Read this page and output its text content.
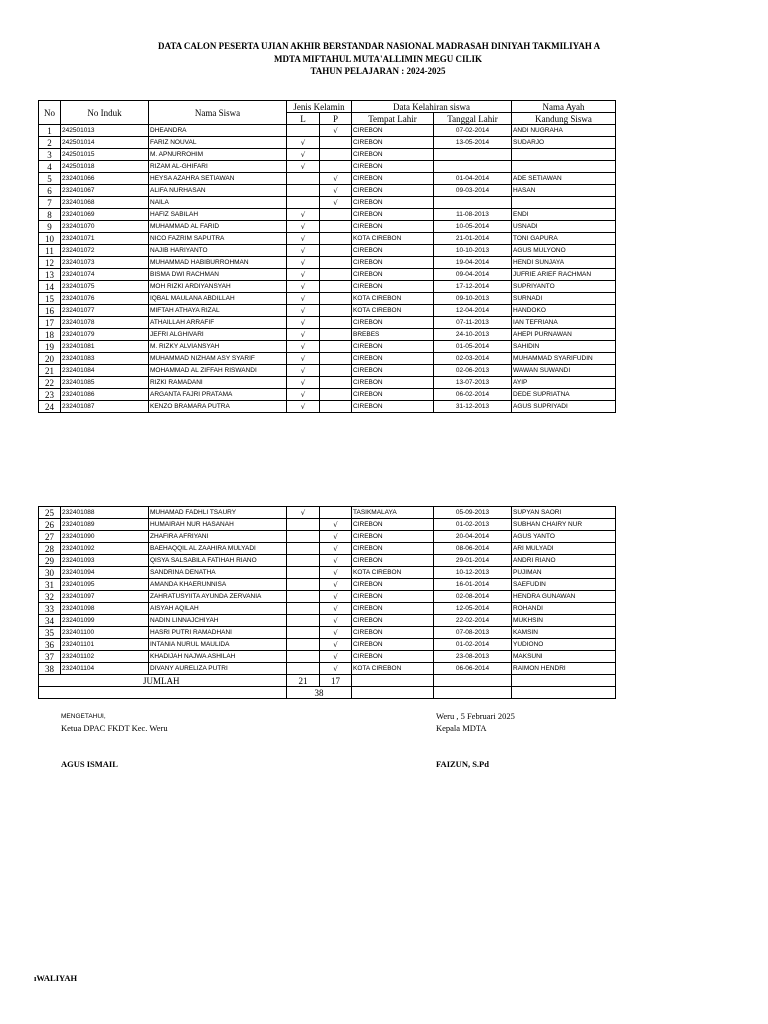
DATA CALON PESERTA UJIAN AKHIR BERSTANDAR NASIONAL MADRASAH DINIYAH TAKMILIYAH A
MDTA MIFTAHUL MUTA'ALLIMIN MEGU CILIK
TAHUN PELAJARAN : 2024-2025
No	No Induk	Nama Siswa	Jenis Kelamin		Data Kelahiran siswa		Nama Ayah
			L	P	Tempat Lahir	Tanggal Lahir	Kandung Siswa
1	242501013	DHEANDRA		√	CIREBON	07-02-2014	ANDI NUGRAHA
2	242501014	FARIZ NOUVAL	√		CIREBON	13-05-2014	SUDARJO
3	242501015	M. APNURROHIM	√		CIREBON		
4	242501018	RIZAM AL-GHIFARI	√		CIREBON		
5	232401066	HEYSA AZAHRA SETIAWAN		√	CIREBON	01-04-2014	ADE SETIAWAN
6	232401067	ALIFA NURHASAN		√	CIREBON	09-03-2014	HASAN
7	232401068	NAILA		√	CIREBON		
8	232401069	HAFIZ SABILAH	√		CIREBON	11-08-2013	ENDI
9	232401070	MUHAMMAD AL FARID	√		CIREBON	10-05-2014	USNADI
10	232401071	NICO FAZRIM SAPUTRA	√		KOTA CIREBON	21-01-2014	TONI GAPURA
11	232401072	NAJIB HARIYANTO	√		CIREBON	10-10-2013	AGUS MULYONO
12	232401073	MUHAMMAD HABIBURROHMAN	√		CIREBON	19-04-2014	HENDI SUNJAYA
13	232401074	BISMA DWI RACHMAN	√		CIREBON	09-04-2014	JUFRIE ARIEF RACHMAN
14	232401075	MOH RIZKI ARDIYANSYAH	√		CIREBON	17-12-2014	SUPRIYANTO
15	232401076	IQBAL MAULANA ABDILLAH	√		KOTA CIREBON	09-10-2013	SURNADI
16	232401077	MIFTAH ATHAYA RIZAL	√		KOTA CIREBON	12-04-2014	HANDOKO
17	232401078	ATHAILLAH ARRAFIF	√		CIREBON	07-11-2013	IAN TEFRIANA
18	232401079	JEFRI ALGHIVARI	√		BREBES	24-10-2013	AHEPI PURNAWAN
19	232401081	M. RIZKY ALVIANSYAH	√		CIREBON	01-05-2014	SAHIDIN
20	232401083	MUHAMMAD NIZHAM ASY SYARIF	√		CIREBON	02-03-2014	MUHAMMAD SYARIFUDIN
21	232401084	MOHAMMAD AL ZIFFAH RISWANDI	√		CIREBON	02-06-2013	WAWAN SUWANDI
22	232401085	RIZKI RAMADANI	√		CIREBON	13-07-2013	AYIP
23	232401086	ARGANTA FAJRI PRATAMA	√		CIREBON	06-02-2014	DEDE SUPRIATNA
24	232401087	KENZO BRAMARA PUTRA	√		CIREBON	31-12-2013	AGUS SUPRIYADI
25	232401088	MUHAMAD FADHLI TSAURY	√		TASIKMALAYA	05-09-2013	SUPYAN SAORI
26	232401089	HUMAIRAH NUR HASANAH		√	CIREBON	01-02-2013	SUBHAN CHAIRY NUR
27	232401090	ZHAFIRA AFRIYANI		√	CIREBON	20-04-2014	AGUS YANTO
28	232401092	BAEHAQQIL AL ZAAHIRA MULYADI		√	CIREBON	08-06-2014	ARI MULYADI
29	232401093	QISYA SALSABILA FATIHAH RIANO		√	CIREBON	29-01-2014	ANDRI RIANO
30	232401094	SANDRINA DENATHA		√	KOTA CIREBON	10-12-2013	PUJIMAN
31	232401095	AMANDA KHAERUNNISA		√	CIREBON	16-01-2014	SAEFUDIN
32	232401097	ZAHRATUSYIITA AYUNDA ZERVANIA		√	CIREBON	02-08-2014	HENDRA GUNAWAN
33	232401098	AISYAH AQILAH		√	CIREBON	12-05-2014	ROHANDI
34	232401099	NADIN LINNAJCHIYAH		√	CIREBON	22-02-2014	MUKHSIN
35	232401100	HASRI PUTRI RAMADHANI		√	CIREBON	07-08-2013	KAMSIN
36	232401101	INTANIA NURUL MAULIDA		√	CIREBON	01-02-2014	YUDIONO
37	232401102	KHADIJAH NAJWA ASHILAH		√	CIREBON	23-08-2013	MAKSUNI
38	232401104	DIVANY AURELIZA PUTRI		√	KOTA CIREBON	06-06-2014	RAIMON HENDRI
JUMLAH			21	17			
			38				
MENGETAHUI,
Ketua DPAC FKDT Kec. Weru
AGUS ISMAIL
Weru , 5 Februari 2025
Kepala MDTA
FAIZUN, S.Pd
ıWALIYAH
